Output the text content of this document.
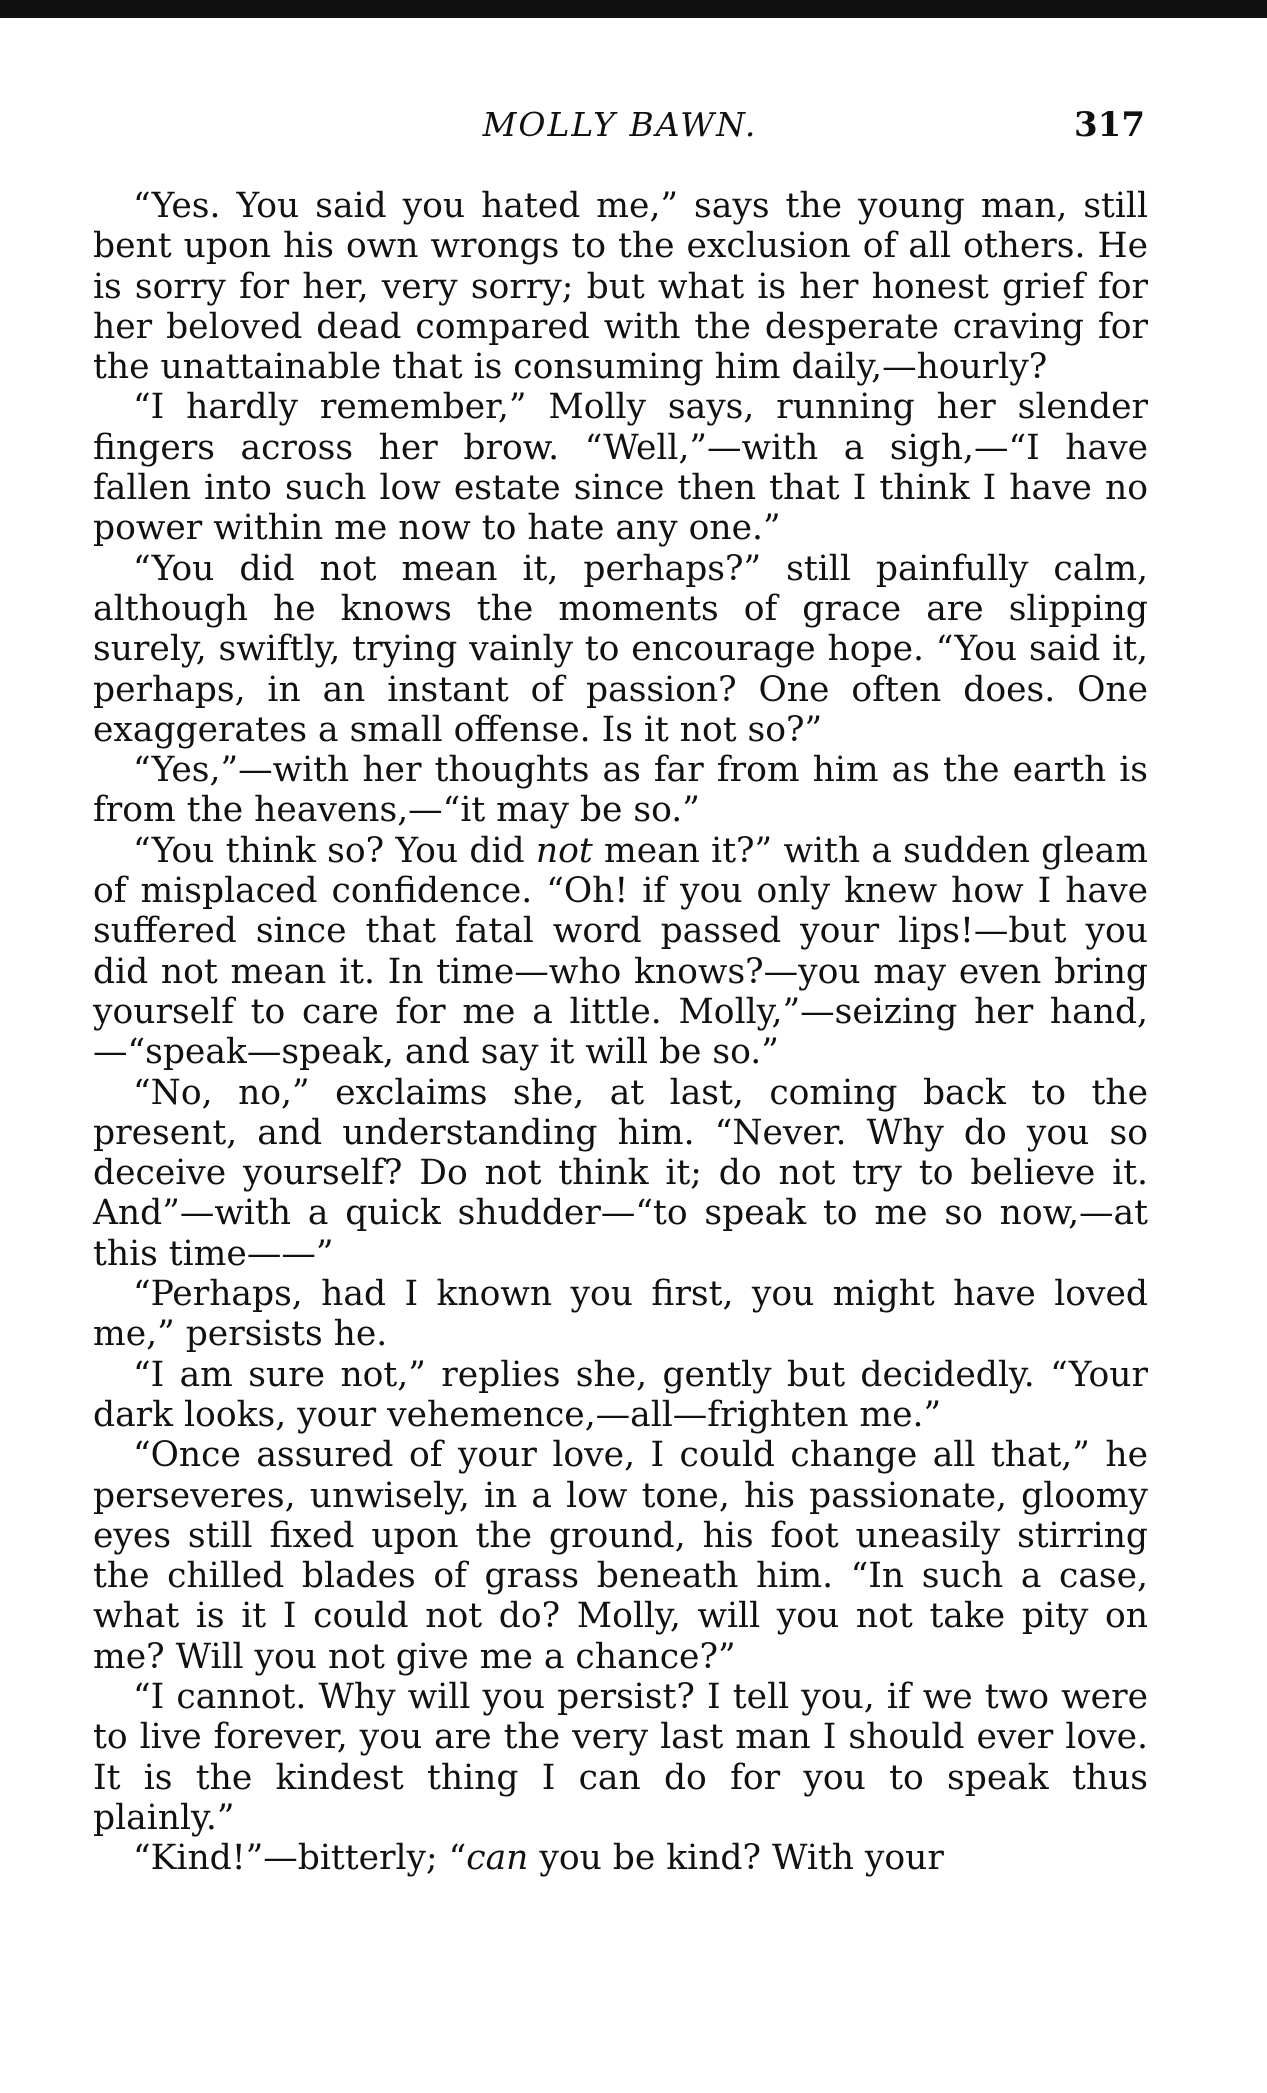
MOLLY BAWN.	317

“Yes. You said you hated me,” says the young man, still bent upon his own wrongs to the exclusion of all others. He is sorry for her, very sorry; but what is her honest grief for her beloved dead compared with the desperate craving for the unattainable that is consuming him daily,—hourly?

“I hardly remember,” Molly says, running her slender fingers across her brow. “Well,”—with a sigh,—“I have fallen into such low estate since then that I think I have no power within me now to hate any one.”

“You did not mean it, perhaps?” still painfully calm, although he knows the moments of grace are slipping surely, swiftly, trying vainly to encourage hope. “You said it, perhaps, in an instant of passion? One often does. One exaggerates a small offense. Is it not so?”

“Yes,”—with her thoughts as far from him as the earth is from the heavens,—“it may be so.”

“You think so? You did not mean it?” with a sudden gleam of misplaced confidence. “Oh! if you only knew how I have suffered since that fatal word passed your lips!—but you did not mean it. In time—who knows?—you may even bring yourself to care for me a little. Molly,”—seizing her hand,—“speak—speak, and say it will be so.”

“No, no,” exclaims she, at last, coming back to the present, and understanding him. “Never. Why do you so deceive yourself? Do not think it; do not try to believe it. And”—with a quick shudder—“to speak to me so now,—at this time——”

“Perhaps, had I known you first, you might have loved me,” persists he.

“I am sure not,” replies she, gently but decidedly. “Your dark looks, your vehemence,—all—frighten me.”

“Once assured of your love, I could change all that,” he perseveres, unwisely, in a low tone, his passionate, gloomy eyes still fixed upon the ground, his foot uneasily stirring the chilled blades of grass beneath him. “In such a case, what is it I could not do? Molly, will you not take pity on me? Will you not give me a chance?”

“I cannot. Why will you persist? I tell you, if we two were to live forever, you are the very last man I should ever love. It is the kindest thing I can do for you to speak thus plainly.”

“Kind!”—bitterly; “can you be kind? With your
